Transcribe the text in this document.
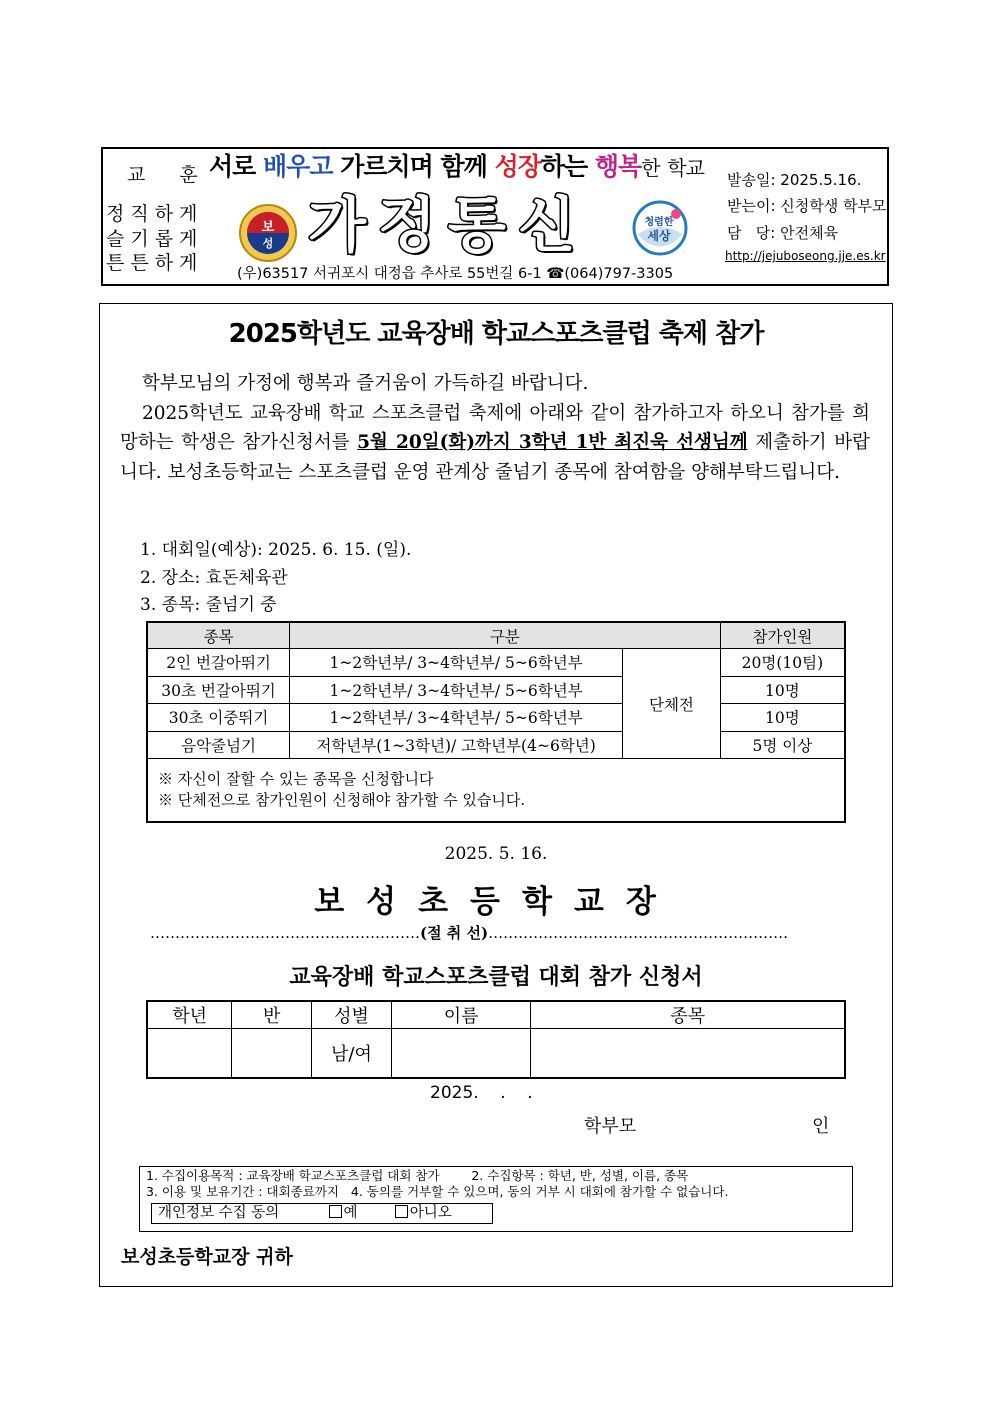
교 훈
정직하게
슬기롭게
튼튼하게
서로 배우고 가르치며 함께 성장하는 행복한 학교
보
성 가정통신	청렴한
세상
(우)63517 서귀포시 대정읍 추사로 55번길 6-1 ☎(064)797-3305
발송일: 2025.5.16.
받는이: 신청학생 학부모
담   당: 안전체육
http://jejuboseong.jje.es.kr
2025학년도 교육장배 학교스포츠클럽 축제 참가

학부모님의 가정에 행복과 즐거움이 가득하길 바랍니다.

2025학년도 교육장배 학교 스포츠클럽 축제에 아래와 같이 참가하고자 하오니 참가를 희망하는 학생은 참가신청서를 5월 20일(화)까지 3학년 1반 최진욱 선생님께 제출하기 바랍니다. 보성초등학교는 스포츠클럽 운영 관계상 줄넘기 종목에 참여함을 양해부탁드립니다.

1. 대회일(예상): 2025. 6. 15. (일).
2. 장소: 효돈체육관
3. 종목: 줄넘기 중
종목	구분		참가인원
2인 번갈아뛰기	1~2학년부/ 3~4학년부/ 5~6학년부	단체전	20명(10팀)
30초 번갈아뛰기	1~2학년부/ 3~4학년부/ 5~6학년부		10명
30초 이중뛰기	1~2학년부/ 3~4학년부/ 5~6학년부		10명
음악줄넘기	저학년부(1~3학년)/ 고학년부(4~6학년)		5명 이상

※ 자신이 잘할 수 있는 종목을 신청합니다
※ 단체전으로 참가인원이 신청해야 참가할 수 있습니다.			
2025. 5. 16.
보성초등학교장
………………………………………………(절 취 선)……………………………………………………
교육장배 학교스포츠클럽 대회 참가 신청서
학년	반	성별	이름	종목
		남/여		
2025.    .    .
학부모	인
1. 수집이용목적 : 교육장배 학교스포츠클럽 대회 참가        2. 수집항목 : 학년, 반, 성별, 이름, 종목
3. 이용 및 보유기간 : 대회종료까지   4. 동의를 거부할 수 있으며, 동의 거부 시 대회에 참가할 수 없습니다.
개인정보 수집 동의	예	아니오
보성초등학교장 귀하
